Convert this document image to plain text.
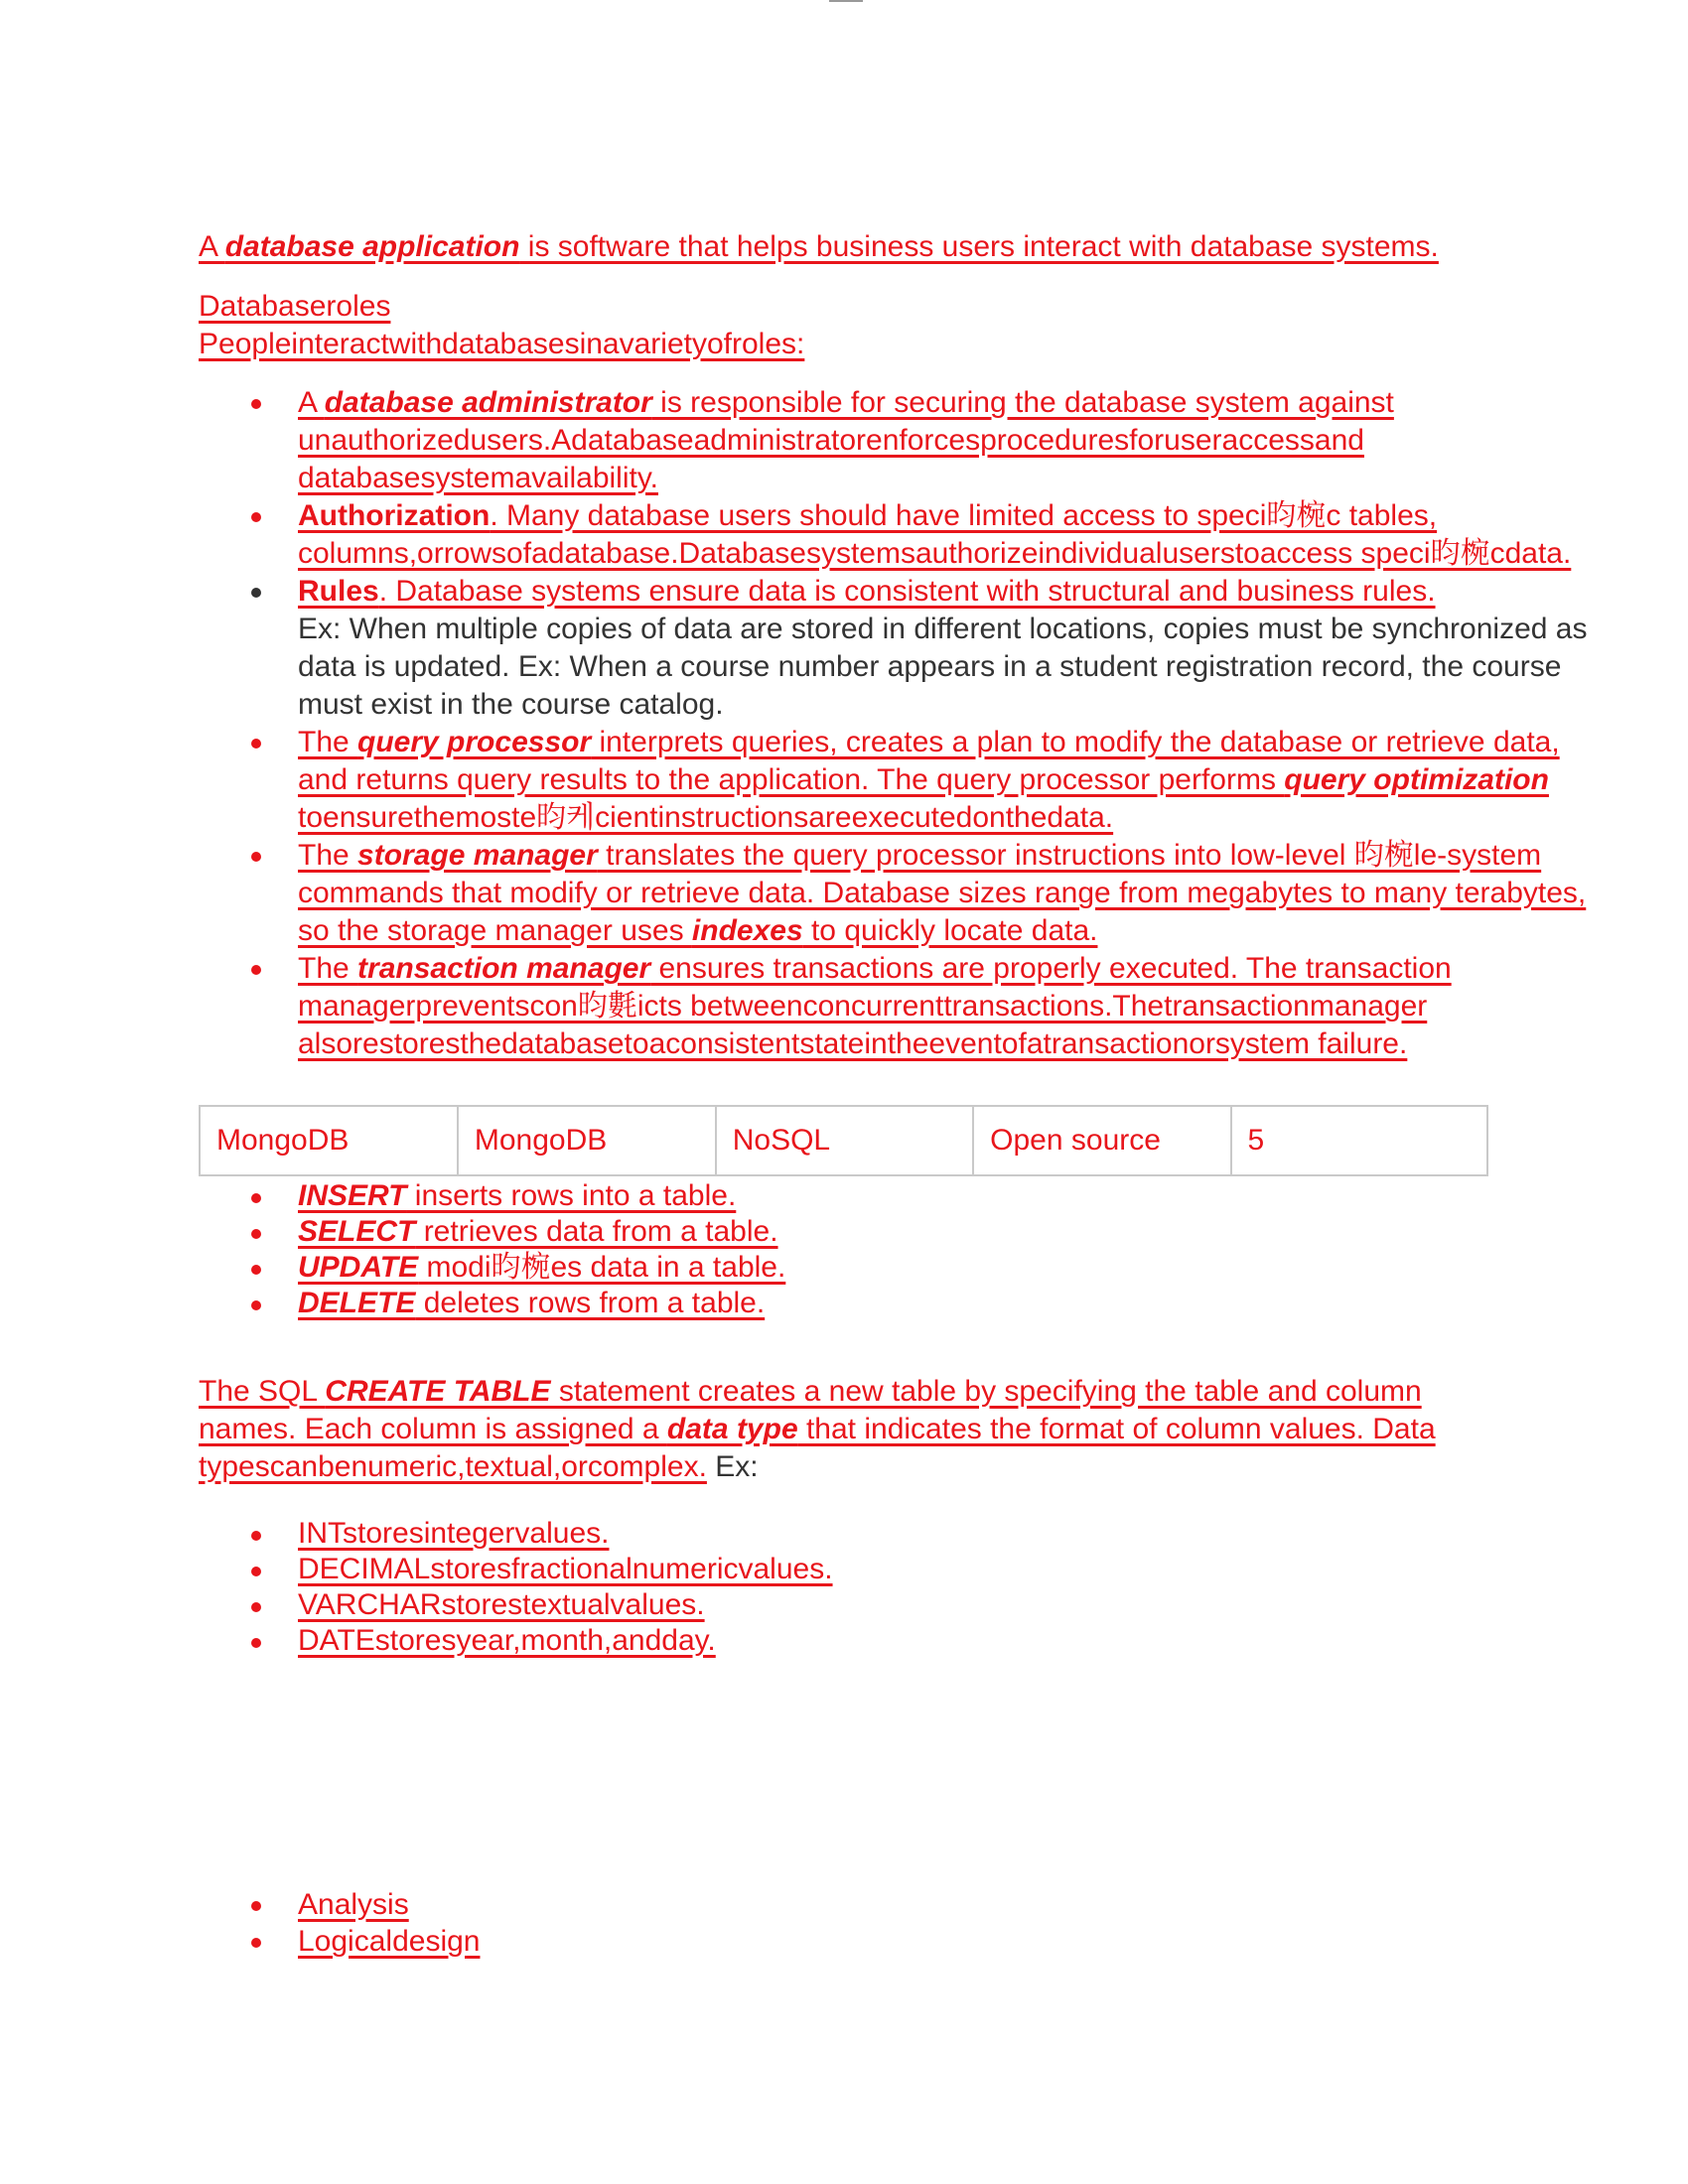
A database application is software that helps business users interact with database systems.

Databaseroles

Peopleinteractwithdatabasesinavarietyofroles:

A database administrator is responsible for securing the database system against unauthorizedusers.Adatabaseadministratorenforcesproceduresforuseraccessand databasesystemavailability.
Authorization. Many database users should have limited access to speci昀椀c tables, columns,orrowsofadatabase.Databasesystemsauthorizeindividualuserstoaccess speci昀椀cdata.
Rules. Database systems ensure data is consistent with structural and business rules.
Ex: When multiple copies of data are stored in different locations, copies must be synchronized as data is updated. Ex: When a course number appears in a student registration record, the course must exist in the course catalog.
The query processor interprets queries, creates a plan to modify the database or retrieve data, and returns query results to the application. The query processor performs query optimization toensurethemoste昀케cientinstructionsareexecutedonthedata.
The storage manager translates the query processor instructions into low-level 昀椀le-system commands that modify or retrieve data. Database sizes range from megabytes to many terabytes, so the storage manager uses indexes to quickly locate data.
The transaction manager ensures transactions are properly executed. The transaction managerpreventscon昀氀icts betweenconcurrenttransactions.Thetransactionmanager alsorestoresthedatabasetoaconsistentstateintheeventofatransactionorsystem failure.
MongoDB	MongoDB	NoSQL	Open source	5
INSERT inserts rows into a table.
SELECT retrieves data from a table.
UPDATE modi昀椀es data in a table.
DELETE deletes rows from a table.

The SQL CREATE TABLE statement creates a new table by specifying the table and column names. Each column is assigned a data type that indicates the format of column values. Data typescanbenumeric,textual,orcomplex. Ex:

INTstoresintegervalues.
DECIMALstoresfractionalnumericvalues.
VARCHARstorestextualvalues.
DATEstoresyear,month,andday.
Analysis
Logicaldesign
